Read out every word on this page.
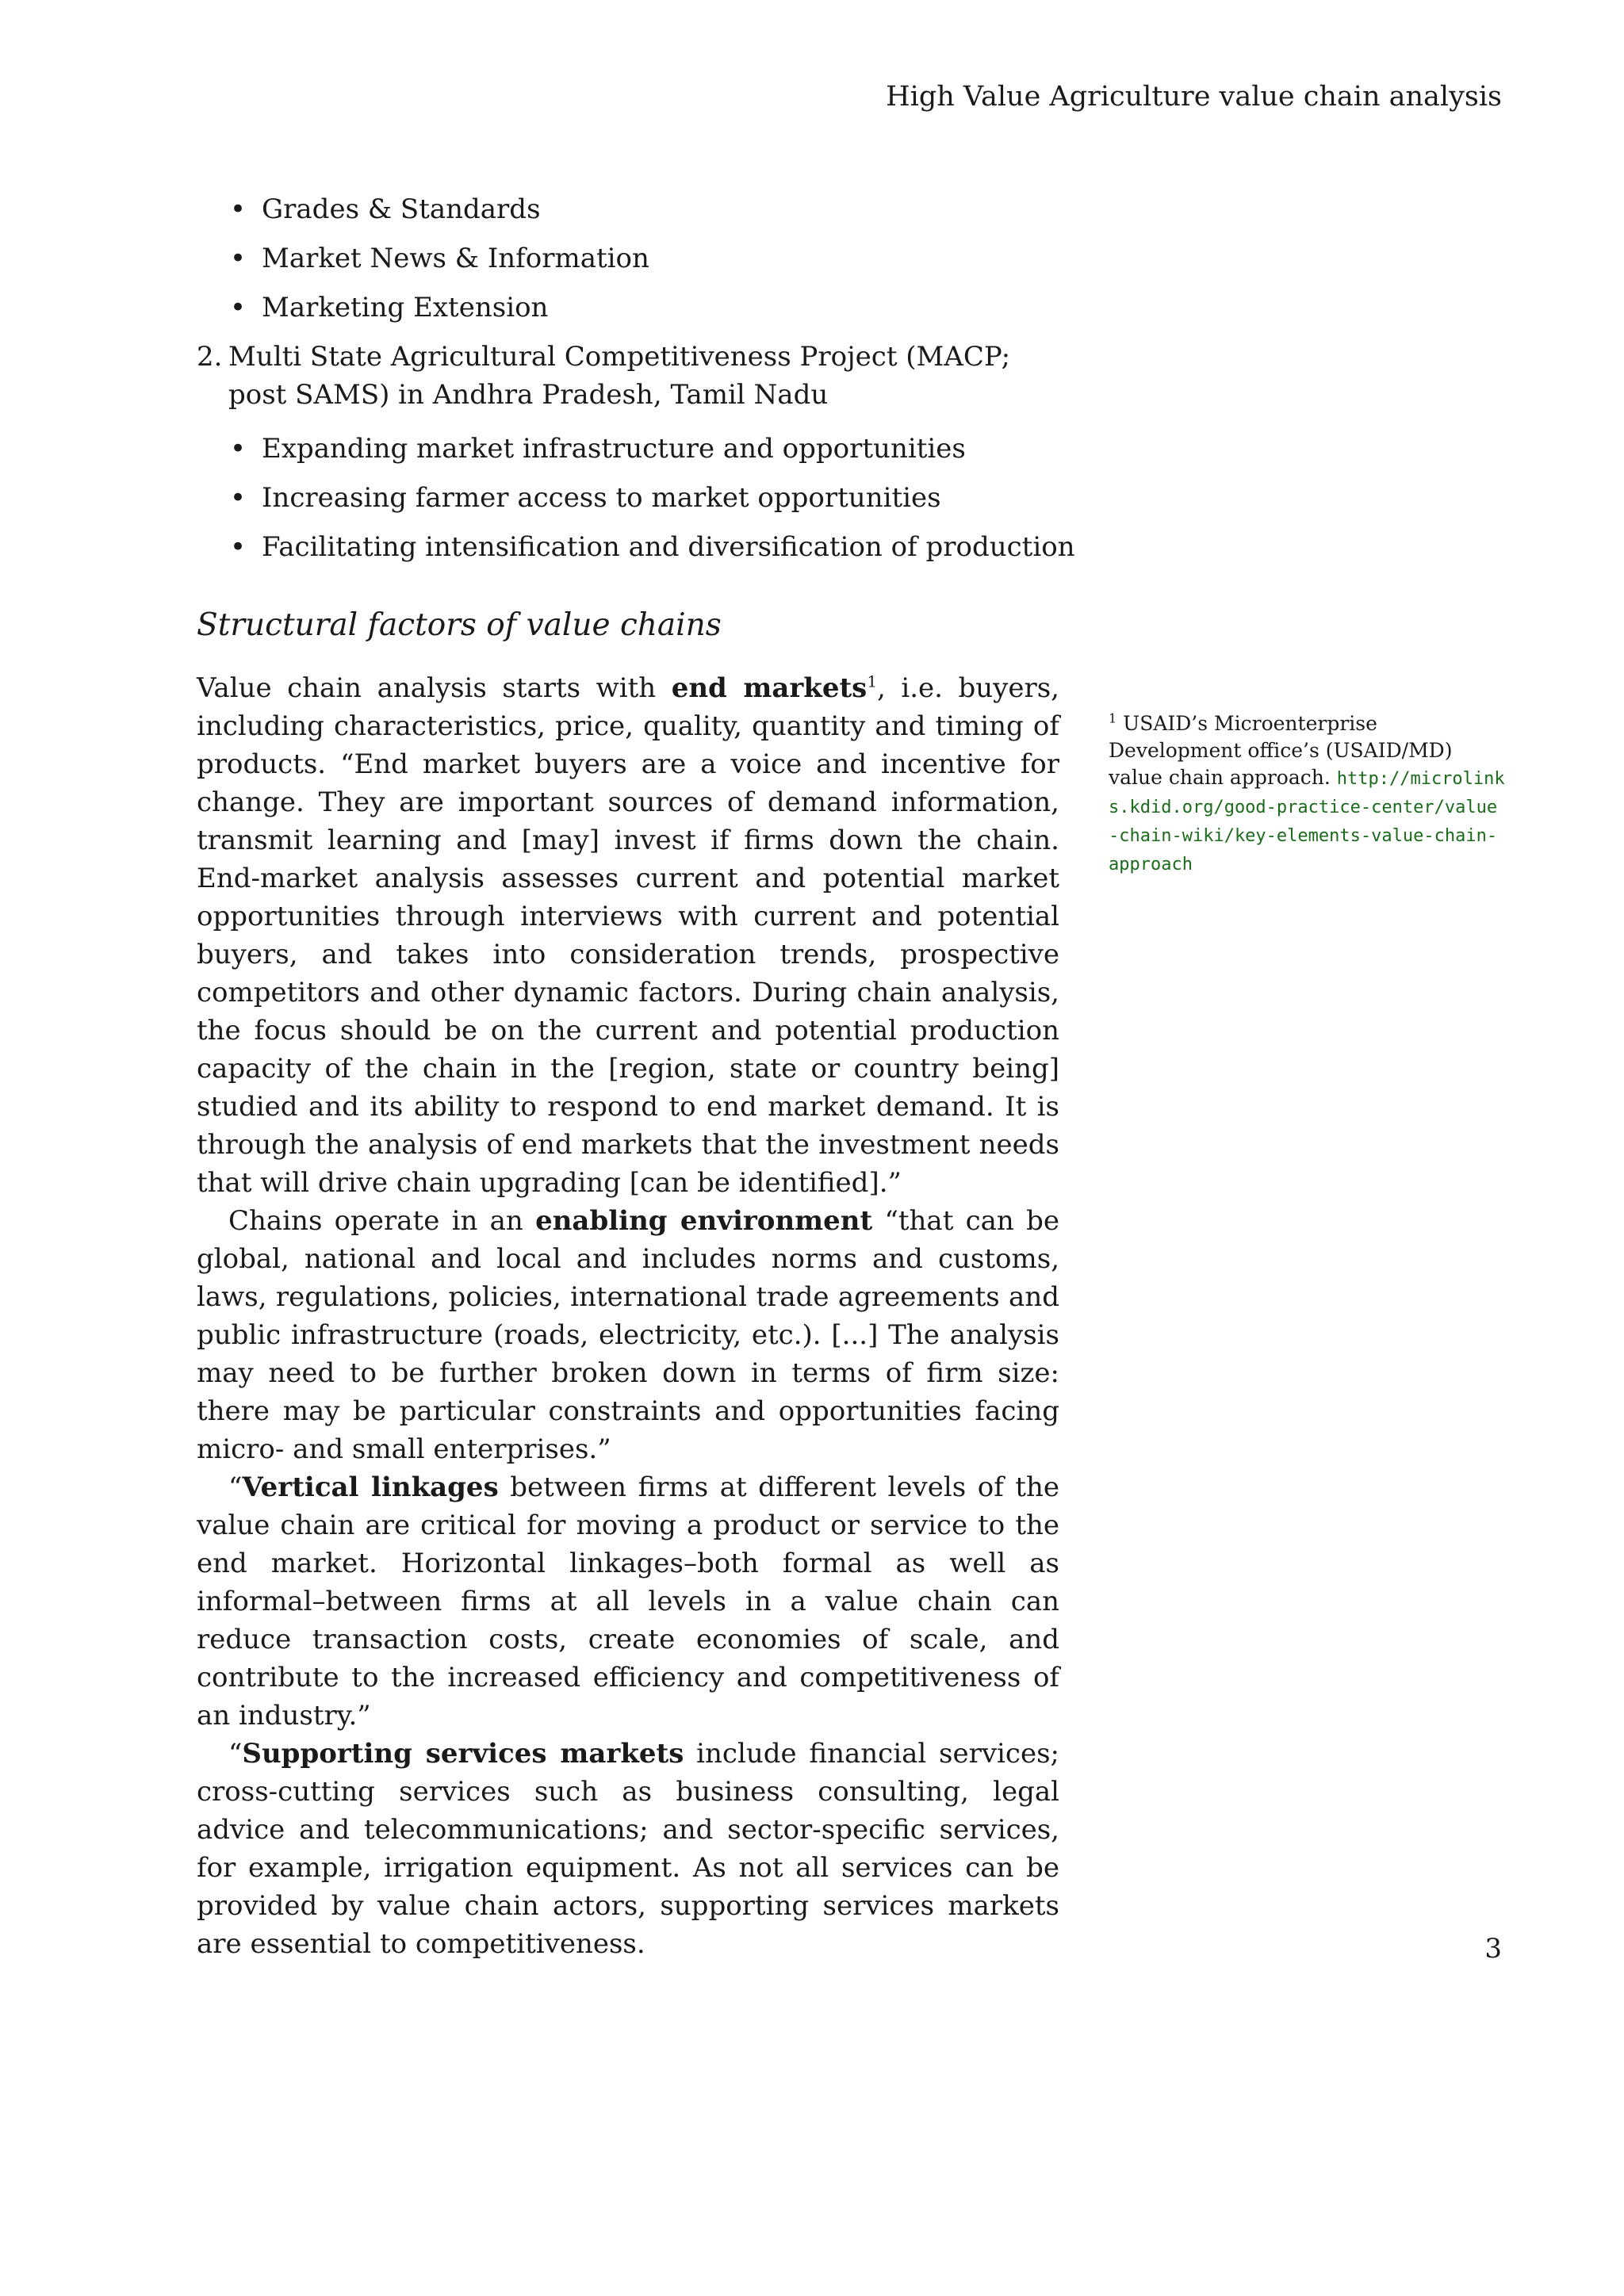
High Value Agriculture value chain analysis
• Grades & Standards
• Market News & Information
• Marketing Extension
2. Multi State Agricultural Competitiveness Project (MACP; post SAMS) in Andhra Pradesh, Tamil Nadu
• Expanding market infrastructure and opportunities
• Increasing farmer access to market opportunities
• Facilitating intensification and diversification of production
Structural factors of value chains

Value chain analysis starts with end markets$^1$, i.e. buyers, including characteristics, price, quality, quantity and timing of products. “End market buyers are a voice and incentive for change. They are important sources of demand information, transmit learning and [may] invest if firms down the chain. End-market analysis assesses current and potential market opportunities through interviews with current and potential buyers, and takes into consideration trends, prospective competitors and other dynamic factors. During chain analysis, the focus should be on the current and potential production capacity of the chain in the [region, state or country being] studied and its ability to respond to end market demand. It is through the analysis of end markets that the investment needs that will drive chain upgrading [can be identified].”

Chains operate in an enabling environment “that can be global, national and local and includes norms and customs, laws, regulations, policies, international trade agreements and public infrastructure (roads, electricity, etc.). [...] The analysis may need to be further broken down in terms of firm size: there may be particular constraints and opportunities facing micro- and small enterprises.”

“Vertical linkages between firms at different levels of the value chain are critical for moving a product or service to the end market. Horizontal linkages–both formal as well as informal–between firms at all levels in a value chain can reduce transaction costs, create economies of scale, and contribute to the increased efficiency and competitiveness of an industry.”

“Supporting services markets include financial services; cross-cutting services such as business consulting, legal advice and telecommunications; and sector-specific services, for example, irrigation equipment. As not all services can be provided by value chain actors, supporting services markets are essential to competitiveness.

$^1$ USAID’s Microenterprise Development office’s (USAID/MD) value chain approach. http://microlinks.kdid.org/good-practice-center/value-chain-wiki/key-elements-value-chain-approach
3
